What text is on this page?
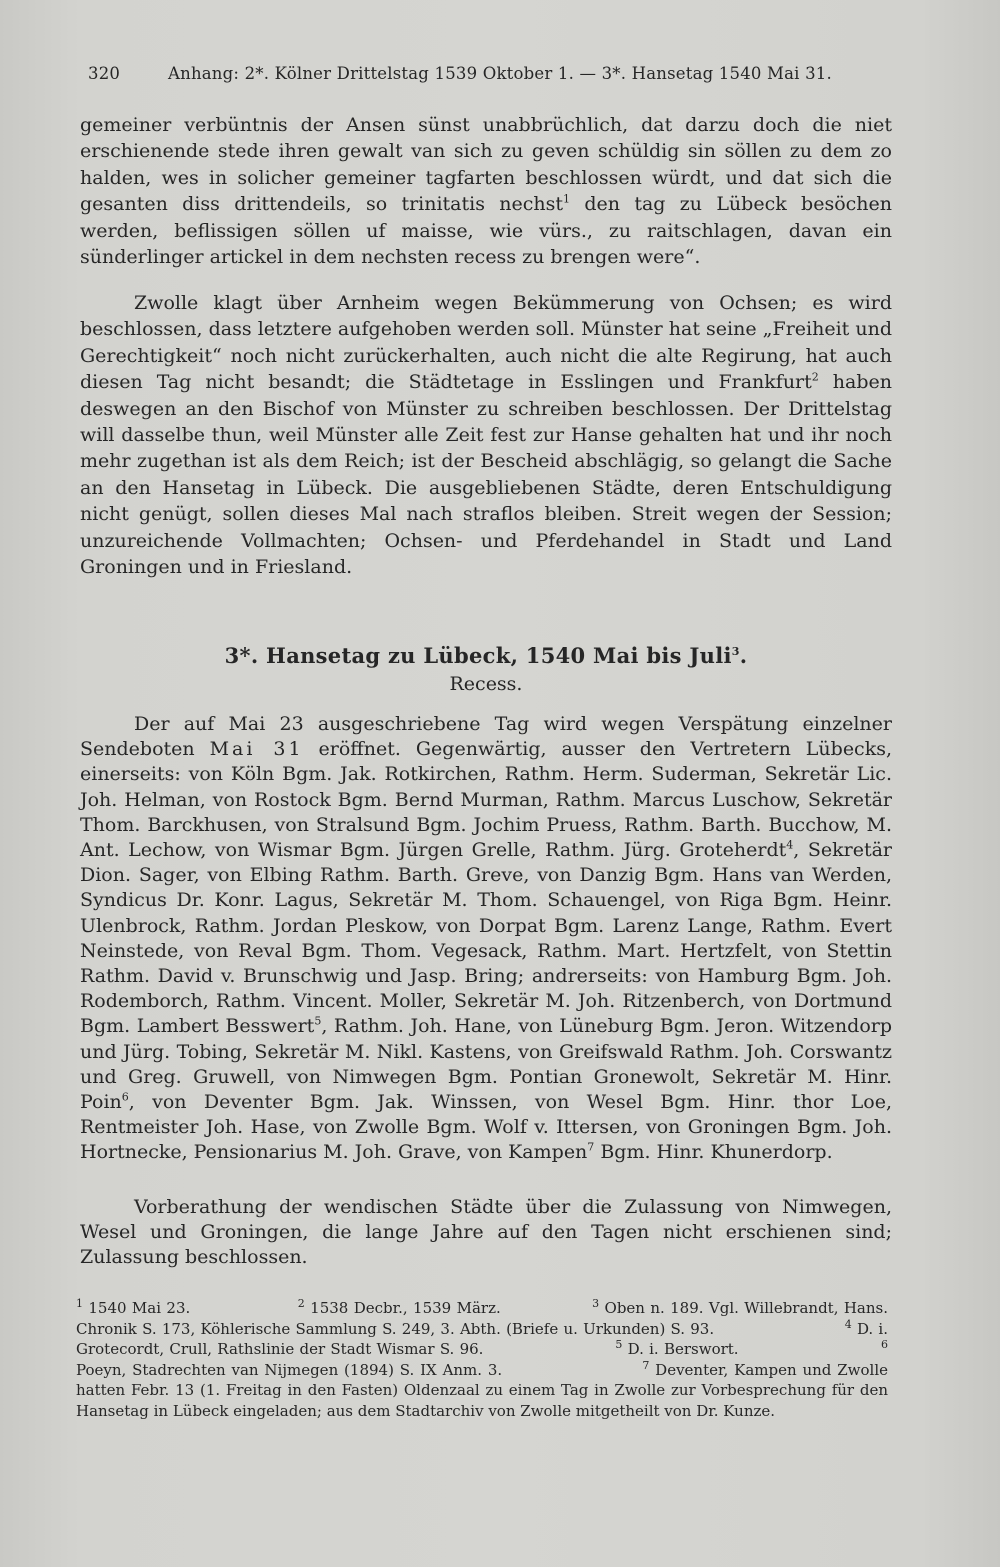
320	Anhang: 2*. Kölner Drittelstag 1539 Oktober 1. — 3*. Hansetag 1540 Mai 31.

gemeiner verbüntnis der Ansen sünst unabbrüchlich, dat darzu doch die niet erschienende stede ihren gewalt van sich zu geven schüldig sin söllen zu dem zo halden, wes in solicher gemeiner tagfarten beschlossen würdt, und dat sich die gesanten diss drittendeils, so trinitatis nechst$^1$ den tag zu Lübeck besöchen werden, beflissigen söllen uf maisse, wie vürs., zu raitschlagen, davan ein sünderlinger artickel in dem nechsten recess zu brengen were“.

Zwolle klagt über Arnheim wegen Bekümmerung von Ochsen; es wird beschlossen, dass letztere aufgehoben werden soll. Münster hat seine „Freiheit und Gerechtigkeit“ noch nicht zurückerhalten, auch nicht die alte Regirung, hat auch diesen Tag nicht besandt; die Städtetage in Esslingen und Frankfurt$^2$ haben deswegen an den Bischof von Münster zu schreiben beschlossen. Der Drittelstag will dasselbe thun, weil Münster alle Zeit fest zur Hanse gehalten hat und ihr noch mehr zugethan ist als dem Reich; ist der Bescheid abschlägig, so gelangt die Sache an den Hansetag in Lübeck. Die ausgebliebenen Städte, deren Entschuldigung nicht genügt, sollen dieses Mal nach straflos bleiben. Streit wegen der Session; unzureichende Vollmachten; Ochsen- und Pferdehandel in Stadt und Land Groningen und in Friesland.

3*. Hansetag zu Lübeck, 1540 Mai bis Juli$^3$.
Recess.

Der auf Mai 23 ausgeschriebene Tag wird wegen Verspätung einzelner Sendeboten Mai 31 eröffnet. Gegenwärtig, ausser den Vertretern Lübecks, einerseits: von Köln Bgm. Jak. Rotkirchen, Rathm. Herm. Suderman, Sekretär Lic. Joh. Helman, von Rostock Bgm. Bernd Murman, Rathm. Marcus Luschow, Sekretär Thom. Barckhusen, von Stralsund Bgm. Jochim Pruess, Rathm. Barth. Bucchow, M. Ant. Lechow, von Wismar Bgm. Jürgen Grelle, Rathm. Jürg. Groteherdt$^4$, Sekretär Dion. Sager, von Elbing Rathm. Barth. Greve, von Danzig Bgm. Hans van Werden, Syndicus Dr. Konr. Lagus, Sekretär M. Thom. Schauengel, von Riga Bgm. Heinr. Ulenbrock, Rathm. Jordan Pleskow, von Dorpat Bgm. Larenz Lange, Rathm. Evert Neinstede, von Reval Bgm. Thom. Vegesack, Rathm. Mart. Hertzfelt, von Stettin Rathm. David v. Brunschwig und Jasp. Bring; andrerseits: von Hamburg Bgm. Joh. Rodemborch, Rathm. Vincent. Moller, Sekretär M. Joh. Ritzenberch, von Dortmund Bgm. Lambert Besswert$^5$, Rathm. Joh. Hane, von Lüneburg Bgm. Jeron. Witzendorp und Jürg. Tobing, Sekretär M. Nikl. Kastens, von Greifswald Rathm. Joh. Corswantz und Greg. Gruwell, von Nimwegen Bgm. Pontian Gronewolt, Sekretär M. Hinr. Poin$^6$, von Deventer Bgm. Jak. Winssen, von Wesel Bgm. Hinr. thor Loe, Rentmeister Joh. Hase, von Zwolle Bgm. Wolf v. Ittersen, von Groningen Bgm. Joh. Hortnecke, Pensionarius M. Joh. Grave, von Kampen$^7$ Bgm. Hinr. Khunerdorp.

Vorberathung der wendischen Städte über die Zulassung von Nimwegen, Wesel und Groningen, die lange Jahre auf den Tagen nicht erschienen sind; Zulassung beschlossen.

$^1$ 1540 Mai 23.	$^2$ 1538 Decbr., 1539 März.	$^3$ Oben n. 189. Vgl. Willebrandt, Hans. Chronik S. 173, Köhlerische Sammlung S. 249, 3. Abth. (Briefe u. Urkunden) S. 93.	$^4$ D. i. Grotecordt, Crull, Rathslinie der Stadt Wismar S. 96.	$^5$ D. i. Berswort.	$^6$ Poeyn, Stadrechten van Nijmegen (1894) S. IX Anm. 3.	$^7$ Deventer, Kampen und Zwolle hatten Febr. 13 (1. Freitag in den Fasten) Oldenzaal zu einem Tag in Zwolle zur Vorbesprechung für den Hansetag in Lübeck eingeladen; aus dem Stadtarchiv von Zwolle mitgetheilt von Dr. Kunze.
